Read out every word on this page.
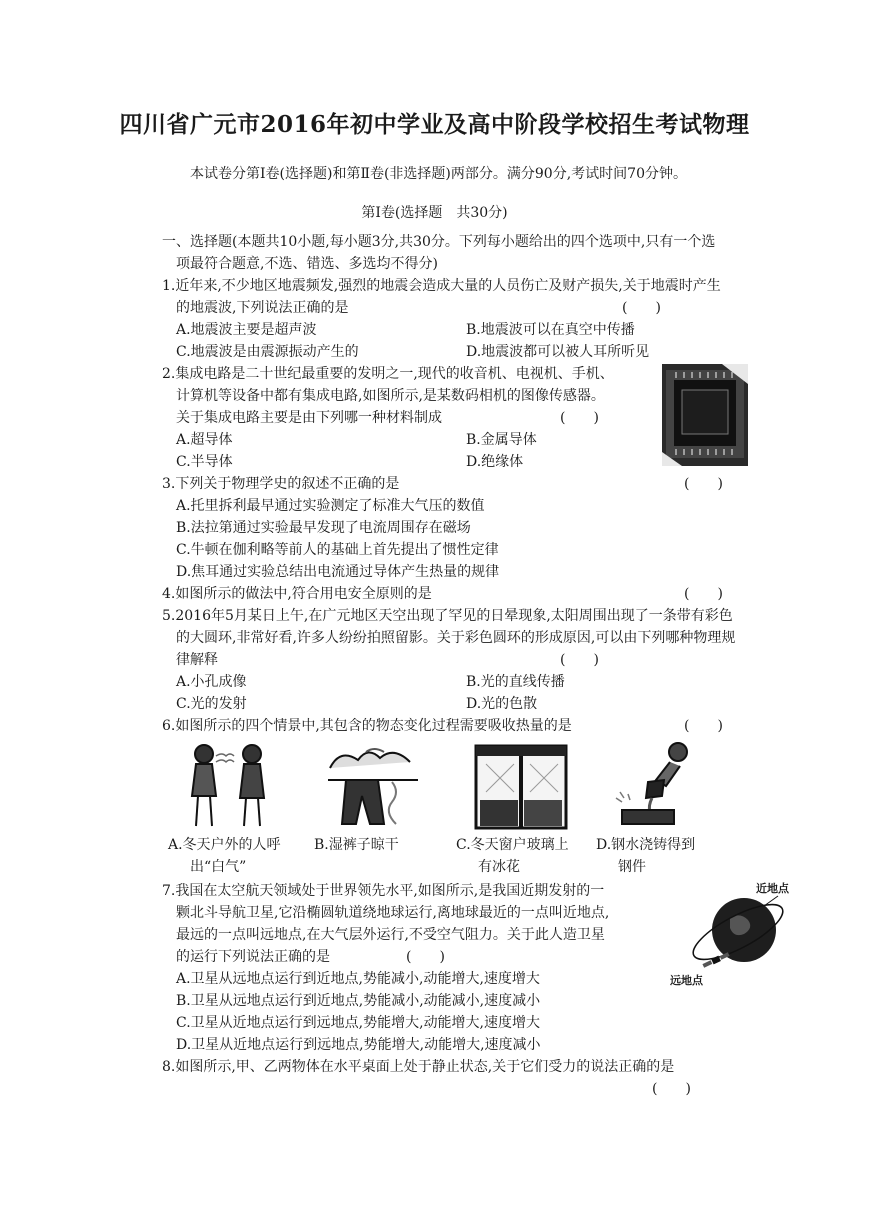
四川省广元市2016年初中学业及高中阶段学校招生考试物理
本试卷分第Ⅰ卷(选择题)和第Ⅱ卷(非选择题)两部分。满分90分,考试时间70分钟。
第Ⅰ卷(选择题　共30分)
一、选择题(本题共10小题,每小题3分,共30分。下列每小题给出的四个选项中,只有一个选
项最符合题意,不选、错选、多选均不得分)
1.近年来,不少地区地震频发,强烈的地震会造成大量的人员伤亡及财产损失,关于地震时产生
的地震波,下列说法正确的是	(　　)
A.地震波主要是超声波	B.地震波可以在真空中传播
C.地震波是由震源振动产生的	D.地震波都可以被人耳所听见
2.集成电路是二十世纪最重要的发明之一,现代的收音机、电视机、手机、
计算机等设备中都有集成电路,如图所示,是某数码相机的图像传感器。
关于集成电路主要是由下列哪一种材料制成	(　　)
A.超导体	B.金属导体
C.半导体	D.绝缘体
3.下列关于物理学史的叙述不正确的是	(　　)
A.托里拆利最早通过实验测定了标准大气压的数值
B.法拉第通过实验最早发现了电流周围存在磁场
C.牛顿在伽利略等前人的基础上首先提出了惯性定律
D.焦耳通过实验总结出电流通过导体产生热量的规律
4.如图所示的做法中,符合用电安全原则的是	(　　)
5.2016年5月某日上午,在广元地区天空出现了罕见的日晕现象,太阳周围出现了一条带有彩色
的大圆环,非常好看,许多人纷纷拍照留影。关于彩色圆环的形成原因,可以由下列哪种物理规
律解释	(　　)
A.小孔成像	B.光的直线传播
C.光的发射	D.光的色散
6.如图所示的四个情景中,其包含的物态变化过程需要吸收热量的是	(　　)
A.冬天户外的人呼
出“白气”
B.湿裤子晾干	C.冬天窗户玻璃上
有冰花
D.钢水浇铸得到
钢件
7.我国在太空航天领域处于世界领先水平,如图所示,是我国近期发射的一
颗北斗导航卫星,它沿椭圆轨道绕地球运行,离地球最近的一点叫近地点,
最远的一点叫远地点,在大气层外运行,不受空气阻力。关于此人造卫星
的运行下列说法正确的是	(　　)
A.卫星从远地点运行到近地点,势能减小,动能增大,速度增大
B.卫星从远地点运行到近地点,势能减小,动能减小,速度减小
C.卫星从近地点运行到远地点,势能增大,动能增大,速度增大
D.卫星从近地点运行到远地点,势能增大,动能增大,速度减小
近地点
远地点
8.如图所示,甲、乙两物体在水平桌面上处于静止状态,关于它们受力的说法正确的是
(　　)
